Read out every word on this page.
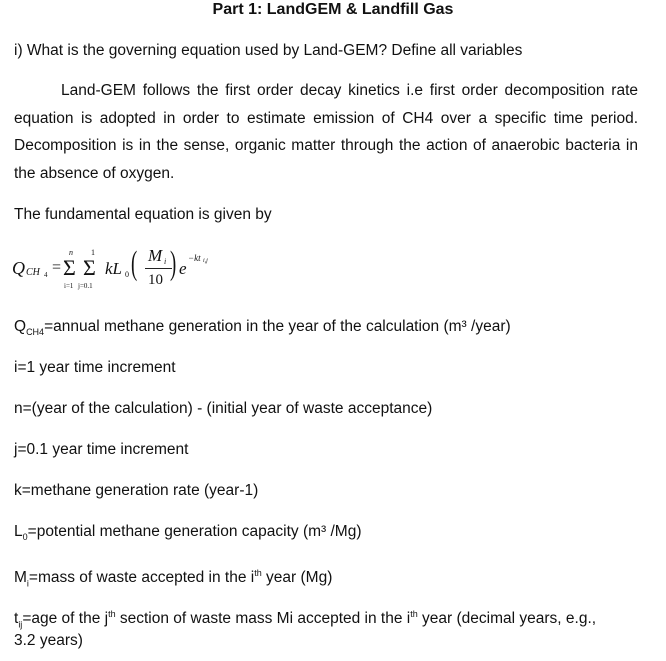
Part 1: LandGEM & Landfill Gas
i) What is the governing equation used by Land-GEM? Define all variables
Land-GEM follows the first order decay kinetics i.e first order decomposition rate equation is adopted in order to estimate emission of CH4 over a specific time period. Decomposition is in the sense, organic matter through the action of anaerobic bacteria in the absence of oxygen.
The fundamental equation is given by
Q CH 4 =
n
Σ
i=1
1
Σ
j=0.1
kL 0 ( M i
10 ) e
−kt i,j
$Q_{CH4}=annual$ methane generation in the year of the calculation (m³ /year)
i=1 year time increment
n=(year of the calculation) - (initial year of waste acceptance)
j=0.1 year time increment
k=methane generation rate (year-1)
$L_0=potential$ methane generation capacity (m³ /Mg)
$M_i=mass$ of waste accepted in the $i^{th}$ year (Mg)
$t_{ij}=age$ of the $j^{th}$ section of waste mass Mi accepted in the $i^{th}$ year (decimal years, e.g.,
3.2 years)
